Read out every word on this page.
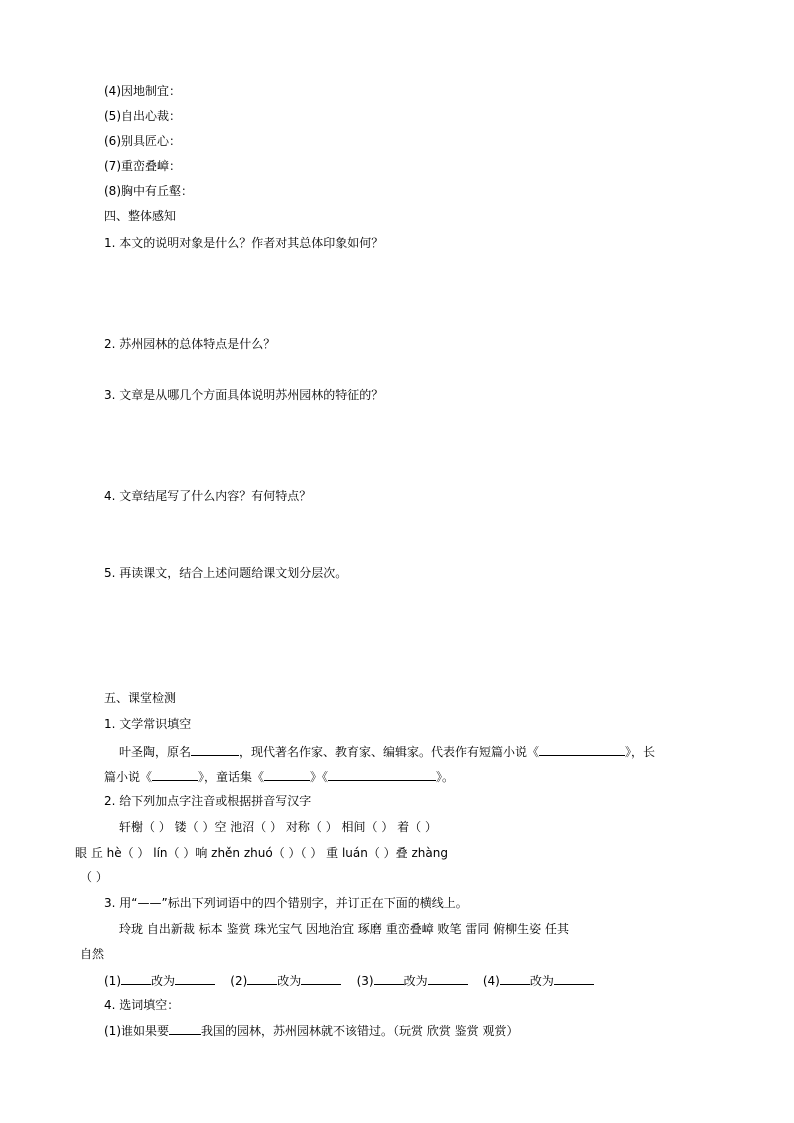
(4)因地制宜：
(5)自出心裁：
(6)别具匠心：
(7)重峦叠嶂：
(8)胸中有丘壑：
四、整体感知
1. 本文的说明对象是什么？作者对其总体印象如何？
2. 苏州园林的总体特点是什么？
3. 文章是从哪几个方面具体说明苏州园林的特征的？
4. 文章结尾写了什么内容？有何特点？
5. 再读课文，结合上述问题给课文划分层次。
五、课堂检测
1. 文学常识填空
叶圣陶，原名	，现代著名作家、教育家、编辑家。代表作有短篇小说《	》，长
篇小说《	》，童话集《	》《	》。
2. 给下列加点字注音或根据拼音写汉字
轩榭（ ） 镂（ ）空 池沼（ ） 对称（ ） 相间（ ） 着（ ）
眼 丘 hè（ ） lín（ ）响 zhěn zhuó（ ）（ ） 重 luán（ ）叠 zhàng
（ ）
3. 用“——”标出下列词语中的四个错别字，并订正在下面的横线上。
玲珑 自出新裁 标本 鉴赏 珠光宝气 因地治宜 琢磨 重峦叠嶂 败笔 雷同 俯柳生姿 任其
自然
(1)	改为	(2)	改为	(3)	改为	(4)	改为
4. 选词填空：
(1)谁如果要	我国的园林，苏州园林就不该错过。（玩赏 欣赏 鉴赏 观赏）
